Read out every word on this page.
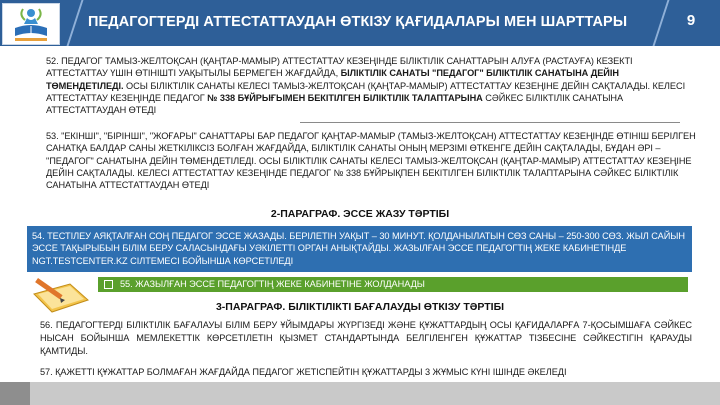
ПЕДАГОГТЕРДІ АТТЕСТАТТАУДАН ӨТКІЗУ ҚАҒИДАЛАРЫ МЕН ШАРТТАРЫ	9
52. ПЕДАГОГ ТАМЫЗ-ЖЕЛТОҚСАН (ҚАҢТАР-МАМЫР) АТТЕСТАТТАУ КЕЗЕҢІНДЕ БІЛІКТІЛІК САНАТТАРЫН АЛУҒА (РАСТАУҒА) КЕЗЕКТІ АТТЕСТАТТАУ ҮШІН ӨТІНІШТІ УАҚЫТЫЛЫ БЕРМЕГЕН ЖАҒДАЙДА, БІЛІКТІЛІК САНАТЫ "ПЕДАГОГ" БІЛІКТІЛІК САНАТЫНА ДЕЙІН ТӨМЕНДЕТІЛЕДІ. ОСЫ БІЛІКТІЛІК САНАТЫ КЕЛЕСІ ТАМЫЗ-ЖЕЛТОҚСАН (ҚАҢТАР-МАМЫР) АТТЕСТАТТАУ КЕЗЕҢІНЕ ДЕЙІН САҚТАЛАДЫ. КЕЛЕСІ АТТЕСТАТТАУ КЕЗЕҢІНДЕ ПЕДАГОГ № 338 БҰЙРЫҒЫМЕН БЕКІТІЛГЕН БІЛІКТІЛІК ТАЛАПТАРЫНА СӘЙКЕС БІЛІКТІЛІК САНАТЫНА АТТЕСТАТТАУДАН ӨТЕДІ
53. "ЕКІНШІ", "БІРІНШІ", "ЖОҒАРЫ" САНАТТАРЫ БАР ПЕДАГОГ ҚАҢТАР-МАМЫР (ТАМЫЗ-ЖЕЛТОҚСАН) АТТЕСТАТТАУ КЕЗЕҢІНДЕ ӨТІНІШ БЕРІЛГЕН САНАТҚА БАЛДАР САНЫ ЖЕТКІЛІКСІЗ БОЛҒАН ЖАҒДАЙДА, БІЛІКТІЛІК САНАТЫ ОНЫҢ МЕРЗІМІ ӨТКЕНГЕ ДЕЙІН САҚТАЛАДЫ, БҰДАН ӘРІ – "ПЕДАГОГ" САНАТЫНА ДЕЙІН ТӨМЕНДЕТІЛЕДІ. ОСЫ БІЛІКТІЛІК САНАТЫ КЕЛЕСІ ТАМЫЗ-ЖЕЛТОҚСАН (ҚАҢТАР-МАМЫР) АТТЕСТАТТАУ КЕЗЕҢІНЕ ДЕЙІН САҚТАЛАДЫ. КЕЛЕСІ АТТЕСТАТТАУ КЕЗЕҢІНДЕ ПЕДАГОГ № 338 БҰЙРЫҚПЕН БЕКІТІЛГЕН БІЛІКТІЛІК ТАЛАПТАРЫНА СӘЙКЕС БІЛІКТІЛІК САНАТЫНА АТТЕСТАТТАУДАН ӨТЕДІ
2-ПАРАГРАФ. ЭССЕ ЖАЗУ ТӘРТІБІ
54. ТЕСТІЛЕУ АЯҚТАЛҒАН СОҢ ПЕДАГОГ ЭССЕ ЖАЗАДЫ. БЕРІЛЕТІН УАҚЫТ – 30 МИНУТ. ҚОЛДАНЫЛАТЫН СӨЗ САНЫ – 250-300 СӨЗ. ЖЫЛ САЙЫН ЭССЕ ТАҚЫРЫБЫН БІЛІМ БЕРУ САЛАСЫНДАҒЫ УӘКІЛЕТТІ ОРГАН АНЫҚТАЙДЫ. ЖАЗЫЛҒАН ЭССЕ ПЕДАГОГТІҢ ЖЕКЕ КАБИНЕТІНДЕ NGT.TESTCENTER.KZ СІЛТЕМЕСІ БОЙЫНША КӨРСЕТІЛЕДІ
55. ЖАЗЫЛҒАН ЭССЕ ПЕДАГОГТІҢ ЖЕКЕ КАБИНЕТІНЕ ЖОЛДАНАДЫ
3-ПАРАГРАФ. БІЛІКТІЛІКТІ БАҒАЛАУДЫ ӨТКІЗУ ТӘРТІБІ
56. ПЕДАГОГТЕРДІ БІЛІКТІЛІК БАҒАЛАУЫ БІЛІМ БЕРУ ҰЙЫМДАРЫ ЖҮРГІЗЕДІ ЖӘНЕ ҚҰЖАТТАРДЫҢ ОСЫ ҚАҒИДАЛАРҒА 7-ҚОСЫМШАҒА СӘЙКЕС НЫСАН БОЙЫНША МЕМЛЕКЕТТІК КӨРСЕТІЛЕТІН ҚЫЗМЕТ СТАНДАРТЫНДА БЕЛГІЛЕНГЕН ҚҰЖАТТАР ТІЗБЕСІНЕ СӘЙКЕСТІГІН ҚАРАУДЫ ҚАМТИДЫ.
57. ҚАЖЕТТІ ҚҰЖАТТАР БОЛМАҒАН ЖАҒДАЙДА ПЕДАГОГ ЖЕТІСПЕЙТІН ҚҰЖАТТАРДЫ 3 ЖҰМЫС КҮНІ ІШІНДЕ ӘКЕЛЕДІ
